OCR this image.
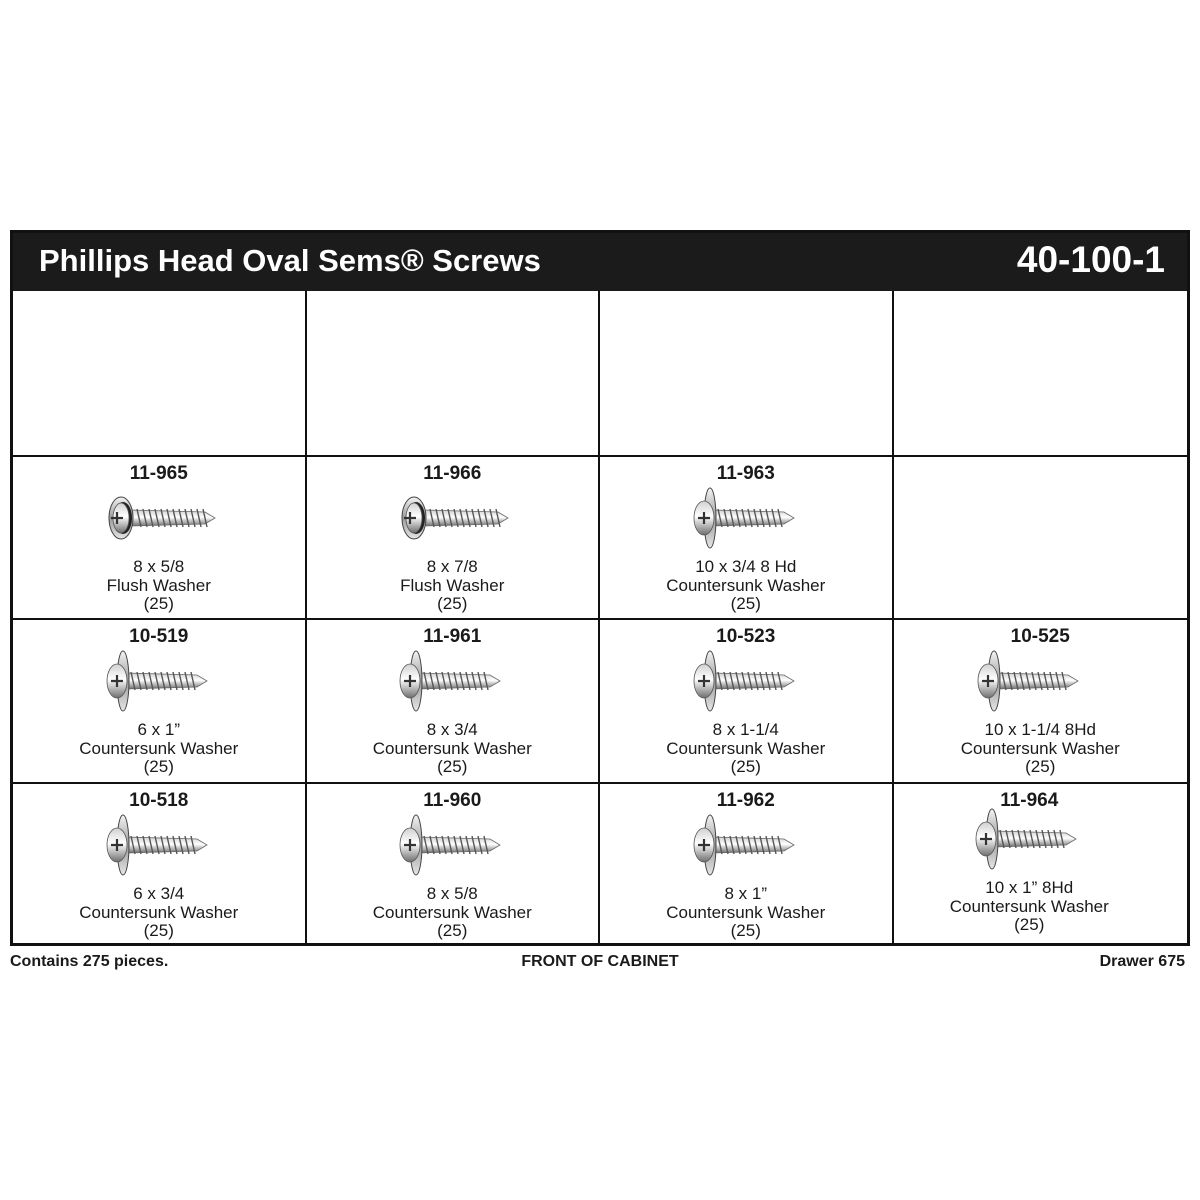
Phillips Head Oval Sems® Screws	40-100-1
11-965
8 x 5/8
Flush Washer
(25)
11-966
8 x 7/8
Flush Washer
(25)
11-963
10 x 3/4 8 Hd
Countersunk Washer
(25)
10-519
6 x 1”
Countersunk Washer
(25)
11-961
8 x 3/4
Countersunk Washer
(25)
10-523
8 x 1-1/4
Countersunk Washer
(25)
10-525
10 x 1-1/4 8Hd
Countersunk Washer
(25)
10-518
6 x 3/4
Countersunk Washer
(25)
11-960
8 x 5/8
Countersunk Washer
(25)
11-962
8 x 1”
Countersunk Washer
(25)
11-964
10 x 1” 8Hd
Countersunk Washer
(25)
Contains 275 pieces.	FRONT OF CABINET	Drawer 675
